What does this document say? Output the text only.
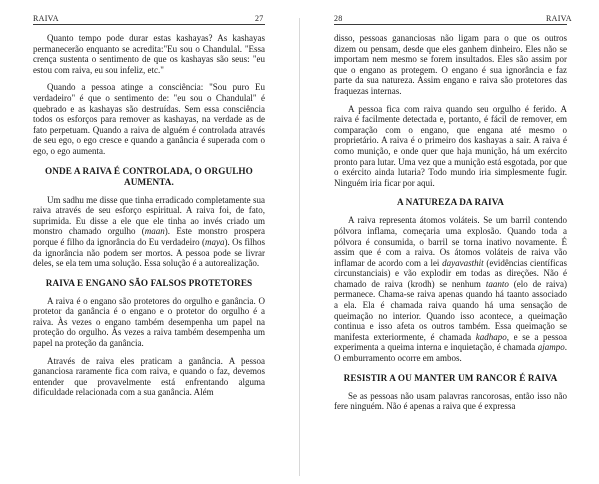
RAIVA	27

Quanto tempo pode durar estas kashayas? As kashayas permanecerão enquanto se acredita:"Eu sou o Chandulal. "Essa crença sustenta o sentimento de que os kashayas são seus: "eu estou com raiva, eu sou infeliz, etc."

Quando a pessoa atinge a consciência: "Sou puro Eu verdadeiro" é que o sentimento de: "eu sou o Chandulal" é quebrado e as kashayas são destruídas. Sem essa consciência todos os esforços para remover as kashayas, na verdade as de fato perpetuam. Quando a raiva de alguém é controlada através de seu ego, o ego cresce e quando a ganância é superada com o ego, o ego aumenta.

ONDE A RAIVA É CONTROLADA, O ORGULHO AUMENTA.

Um sadhu me disse que tinha erradicado completamente sua raiva através de seu esforço espiritual. A raiva foi, de fato, suprimida. Eu disse a ele que ele tinha ao invés criado um monstro chamado orgulho (maan). Este monstro prospera porque é filho da ignorância do Eu verdadeiro (maya). Os filhos da ignorância não podem ser mortos. A pessoa pode se livrar deles, se ela tem uma solução. Essa solução é a autorealização.

RAIVA E ENGANO SÃO FALSOS PROTETORES

A raiva é o engano são protetores do orgulho e ganância. O protetor da ganância é o engano e o protetor do orgulho é a raiva. Às vezes o engano também desempenha um papel na proteção do orgulho. Às vezes a raiva também desempenha um papel na proteção da ganância.

Através de raiva eles praticam a ganância. A pessoa gananciosa raramente fica com raiva, e quando o faz, devemos entender que provavelmente está enfrentando alguma dificuldade relacionada com a sua ganância. Além

28	RAIVA

disso, pessoas gananciosas não ligam para o que os outros dizem ou pensam, desde que eles ganhem dinheiro. Eles não se importam nem mesmo se forem insultados. Eles são assim por que o engano as protegem. O engano é sua ignorância e faz parte da sua natureza. Assim engano e raiva são protetores das fraquezas internas.

A pessoa fica com raiva quando seu orgulho é ferido. A raiva é facilmente detectada e, portanto, é fácil de remover, em comparação com o engano, que engana até mesmo o proprietário. A raiva é o primeiro dos kashayas a sair. A raiva é como munição, e onde quer que haja munição, há um exército pronto para lutar. Uma vez que a munição está esgotada, por que o exército ainda lutaria? Todo mundo iria simplesmente fugir. Ninguém iria ficar por aqui.

A NATUREZA DA RAIVA

A raiva representa átomos voláteis. Se um barril contendo pólvora inflama, começaria uma explosão. Quando toda a pólvora é consumida, o barril se torna inativo novamente. É assim que é com a raiva. Os átomos voláteis de raiva vão inflamar de acordo com a lei dayavasthit (evidências científicas circunstanciais) e vão explodir em todas as direções. Não é chamado de raiva (krodh) se nenhum taanto (elo de raiva) permanece. Chama-se raiva apenas quando há taanto associado a ela. Ela é chamada raiva quando há uma sensação de queimação no interior. Quando isso acontece, a queimação continua e isso afeta os outros também. Essa queimação se manifesta exteriormente, é chamada kadhapo, e se a pessoa experimenta a queima interna e inquietação, é chamada ajampo. O emburramento ocorre em ambos.

RESISTIR A OU MANTER UM RANCOR É RAIVA

Se as pessoas não usam palavras rancorosas, então isso não fere ninguém. Não é apenas a raiva que é expressa
